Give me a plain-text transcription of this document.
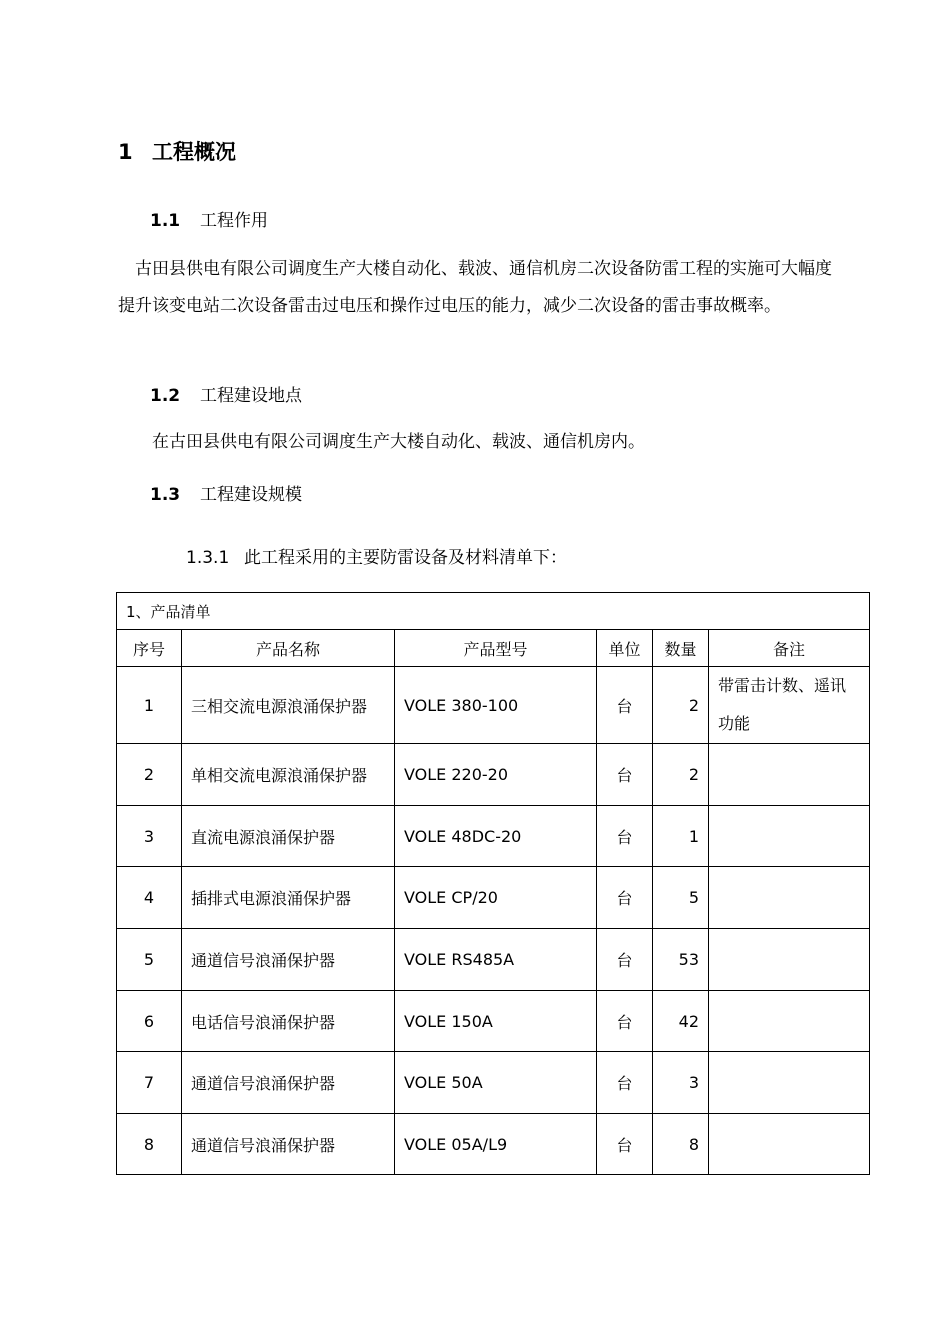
1 工程概况
1.1 工程作用
　古田县供电有限公司调度生产大楼自动化、载波、通信机房二次设备防雷工程的实施可大幅度提升该变电站二次设备雷击过电压和操作过电压的能力，减少二次设备的雷击事故概率。
1.2 工程建设地点
　　在古田县供电有限公司调度生产大楼自动化、载波、通信机房内。
1.3 工程建设规模
1.3.1 此工程采用的主要防雷设备及材料清单下：
1、产品清单					
序号	产品名称	产品型号	单位	数量	备注
1	三相交流电源浪涌保护器	VOLE 380-100	台	2	带雷击计数、遥讯功能
2	单相交流电源浪涌保护器	VOLE 220-20	台	2	
3	直流电源浪涌保护器	VOLE 48DC-20	台	1	
4	插排式电源浪涌保护器	VOLE CP/20	台	5	
5	通道信号浪涌保护器	VOLE RS485A	台	53	
6	电话信号浪涌保护器	VOLE 150A	台	42	
7	通道信号浪涌保护器	VOLE 50A	台	3	
8	通道信号浪涌保护器	VOLE 05A/L9	台	8	
